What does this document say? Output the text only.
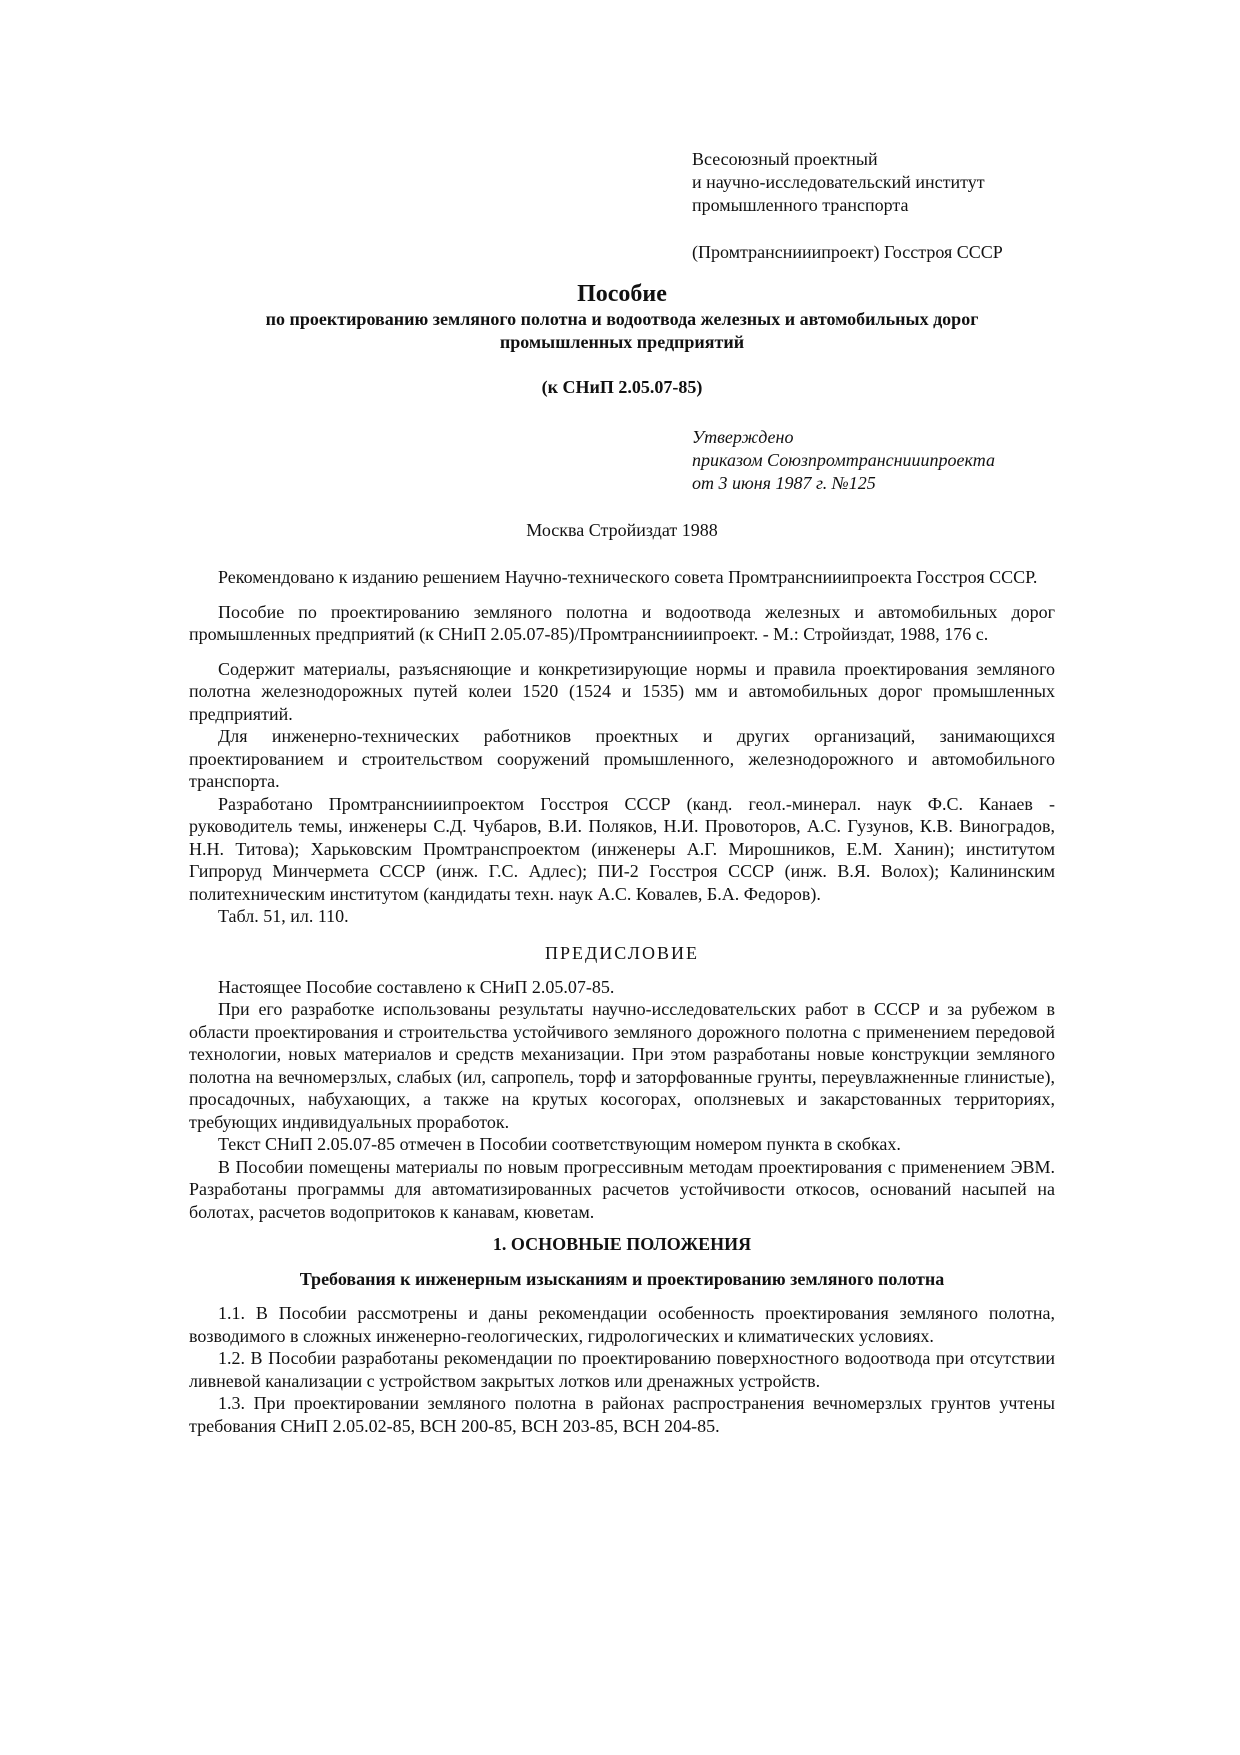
Всесоюзный проектный
и научно-исследовательский институт
промышленного транспорта
(Промтранснииипроект) Госстроя СССР
Пособие
по проектированию земляного полотна и водоотвода железных и автомобильных дорог
промышленных предприятий
(к СНиП 2.05.07-85)
Утверждено
приказом Союзпромтранснииипроекта
от 3 июня 1987 г. №125
Москва Стройиздат 1988

Рекомендовано к изданию решением Научно-технического совета Промтранснииипроекта Госстроя СССР.

Пособие по проектированию земляного полотна и водоотвода железных и автомобильных дорог промышленных предприятий (к СНиП 2.05.07-85)/Промтранснииипроект. - М.: Стройиздат, 1988, 176 с.

Содержит материалы, разъясняющие и конкретизирующие нормы и правила проектирования земляного полотна железнодорожных путей колеи 1520 (1524 и 1535) мм и автомобильных дорог промышленных предприятий.

Для инженерно-технических работников проектных и других организаций, занимающихся проектированием и строительством сооружений промышленного, железнодорожного и автомобильного транспорта.

Разработано Промтранснииипроектом Госстроя СССР (канд. геол.-минерал. наук Ф.С. Канаев - руководитель темы, инженеры С.Д. Чубаров, В.И. Поляков, Н.И. Провоторов, А.С. Гузунов, К.В. Виноградов, Н.Н. Титова); Харьковским Промтранспроектом (инженеры А.Г. Мирошников, Е.М. Ханин); институтом Гипроруд Минчермета СССР (инж. Г.С. Адлес); ПИ-2 Госстроя СССР (инж. В.Я. Волох); Калининским политехническим институтом (кандидаты техн. наук А.С. Ковалев, Б.А. Федоров).

Табл. 51, ил. 110.

ПРЕДИСЛОВИЕ

Настоящее Пособие составлено к СНиП 2.05.07-85.

При его разработке использованы результаты научно-исследовательских работ в СССР и за рубежом в области проектирования и строительства устойчивого земляного дорожного полотна с применением передовой технологии, новых материалов и средств механизации. При этом разработаны новые конструкции земляного полотна на вечномерзлых, слабых (ил, сапропель, торф и заторфованные грунты, переувлажненные глинистые), просадочных, набухающих, а также на крутых косогорах, оползневых и закарстованных территориях, требующих индивидуальных проработок.

Текст СНиП 2.05.07-85 отмечен в Пособии соответствующим номером пункта в скобках.

В Пособии помещены материалы по новым прогрессивным методам проектирования с применением ЭВМ. Разработаны программы для автоматизированных расчетов устойчивости откосов, оснований насыпей на болотах, расчетов водопритоков к канавам, кюветам.

1. ОСНОВНЫЕ ПОЛОЖЕНИЯ
Требования к инженерным изысканиям и проектированию земляного полотна

1.1. В Пособии рассмотрены и даны рекомендации особенность проектирования земляного полотна, возводимого в сложных инженерно-геологических, гидрологических и климатических условиях.

1.2. В Пособии разработаны рекомендации по проектированию поверхностного водоотвода при отсутствии ливневой канализации с устройством закрытых лотков или дренажных устройств.

1.3. При проектировании земляного полотна в районах распространения вечномерзлых грунтов учтены требования СНиП 2.05.02-85, ВСН 200-85, ВСН 203-85, ВСН 204-85.
